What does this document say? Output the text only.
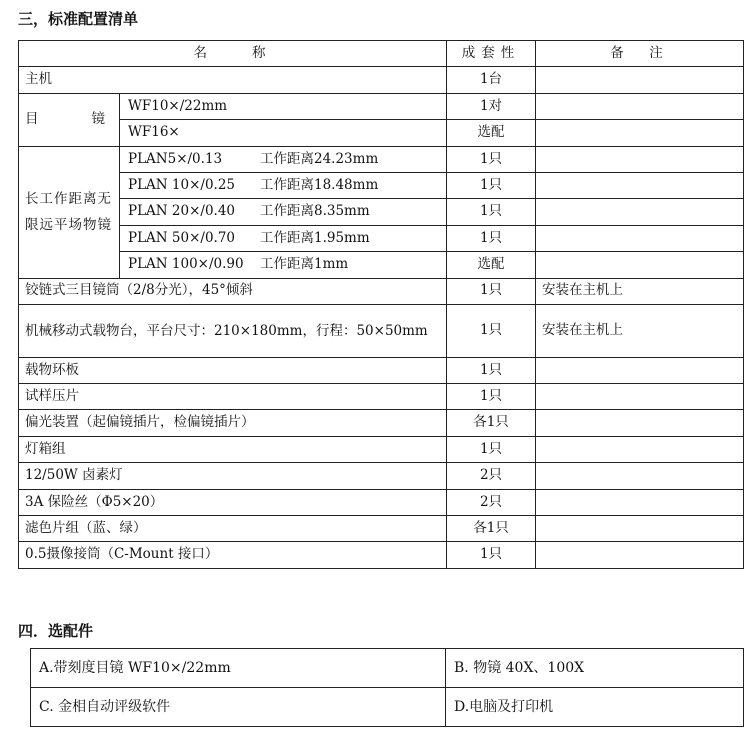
三，标准配置清单
名　　称		成套性	备　注
主机		1台	

目 镜	WF10×/22mm	1对	
	WF16×	选配	
长工作距离无限远平场物镜	PLAN5×/0.13 工作距离24.23mm	1只	
	PLAN 10×/0.25 工作距离18.48mm	1只	
	PLAN 20×/0.40 工作距离8.35mm	1只	
	PLAN 50×/0.70 工作距离1.95mm	1只	
	PLAN 100×/0.90 工作距离1mm	选配	
铰链式三目镜筒（2/8分光），45°倾斜		1只	安装在主机上
机械移动式载物台，平台尺寸：210×180mm，行程：50×50mm		1只	安装在主机上
载物环板		1只	
试样压片		1只	
偏光装置（起偏镜插片，检偏镜插片）		各1只	
灯箱组		1只	
12/50W 卤素灯		2只	
3A 保险丝（Φ5×20）		2只	
滤色片组（蓝、绿）		各1只	
0.5摄像接筒（C-Mount 接口）		1只	
四．选配件
A.带刻度目镜 WF10×/22mm	B. 物镜 40X、100X
C. 金相自动评级软件	D.电脑及打印机
